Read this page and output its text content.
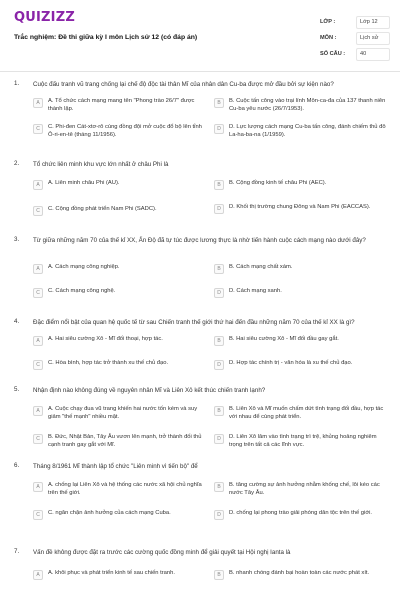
QUIZIZZ
Trắc nghiệm: Đề thi giữa kỳ I môn Lịch sử 12 (có đáp án)
LỚP :	Lớp 12
MÔN :	Lịch sử
SỐ CÂU :	40
1. Cuộc đấu tranh vũ trang chống lại chế độ độc tài thân Mĩ của nhân dân Cu-ba được mở đầu bởi sự kiện nào?
A	A. Tổ chức cách mạng mang tên "Phong trào 26/7" được thành lập.
B	B. Cuộc tấn công vào trại lính Môn-ca-đa của 137 thanh niên Cu-ba yêu nước (26/7/1953).
C	C. Phi-đen Cát-xtơ-rô cùng đồng đội mở cuộc đổ bộ lên tỉnh Ô-ri-en-tê (tháng 11/1956).
D	D. Lực lượng cách mạng Cu-ba tấn công, đánh chiếm thủ đô La-ha-ba-na (1/1959).
2. Tổ chức liên minh khu vực lớn nhất ở châu Phi là
A	A. Liên minh châu Phi (AU).	B	B. Cộng đồng kinh tế châu Phi (AEC).
C	C. Cộng đồng phát triển Nam Phi (SADC).	D	D. Khối thị trường chung Đông và Nam Phi (EACCAS).
3. Từ giữa những năm 70 của thế kỉ XX, Ấn Độ đã tự túc được lương thực là nhờ tiến hành cuộc cách mạng nào dưới đây?
A	A. Cách mạng công nghiệp.	B	B. Cách mạng chất xám.
C	C. Cách mạng công nghệ.	D	D. Cách mạng xanh.
4. Đặc điểm nổi bật của quan hệ quốc tế từ sau Chiến tranh thế giới thứ hai đến đầu những năm 70 của thế kỉ XX là gì?
A	A. Hai siêu cường Xô - Mĩ đối thoại, hợp tác.	B	B. Hai siêu cường Xô - Mĩ đối đầu gay gắt.
C	C. Hòa bình, hợp tác trở thành xu thế chủ đạo.	D	D. Hợp tác chính trị - văn hóa là xu thế chủ đạo.
5. Nhận định nào không đúng về nguyên nhân Mĩ và Liên Xô kết thúc chiến tranh lạnh?
A	A. Cuộc chạy đua vũ trang khiến hai nước tốn kém và suy giảm "thế mạnh" nhiều mặt.
B	B. Liên Xô và Mĩ muốn chấm dứt tình trạng đối đầu, hợp tác với nhau để cùng phát triển.
C	B. Đức, Nhật Bản, Tây Âu vươn lên mạnh, trở thành đối thủ cạnh tranh gay gắt với Mĩ.
D	D. Liên Xô lâm vào tình trạng trì trệ, khủng hoảng nghiêm trọng trên tất cả các lĩnh vực.
6. Tháng 8/1961 Mĩ thành lập tổ chức "Liên minh vì tiến bộ" để
A	A. chống lại Liên Xô và hệ thống các nước xã hội chủ nghĩa trên thế giới.
B	B. tăng cường sự ảnh hưởng nhằm khống chế, lôi kéo các nước Tây Âu.
C	C. ngăn chặn ảnh hưởng của cách mạng Cuba.	D	D. chống lại phong trào giải phóng dân tộc trên thế giới.
7. Vấn đề không được đặt ra trước các cường quốc đồng minh để giải quyết tại Hội nghị Ianta là
A	A. khôi phục và phát triển kinh tế sau chiến tranh.	B	B. nhanh chóng đánh bại hoàn toàn các nước phát xít.
